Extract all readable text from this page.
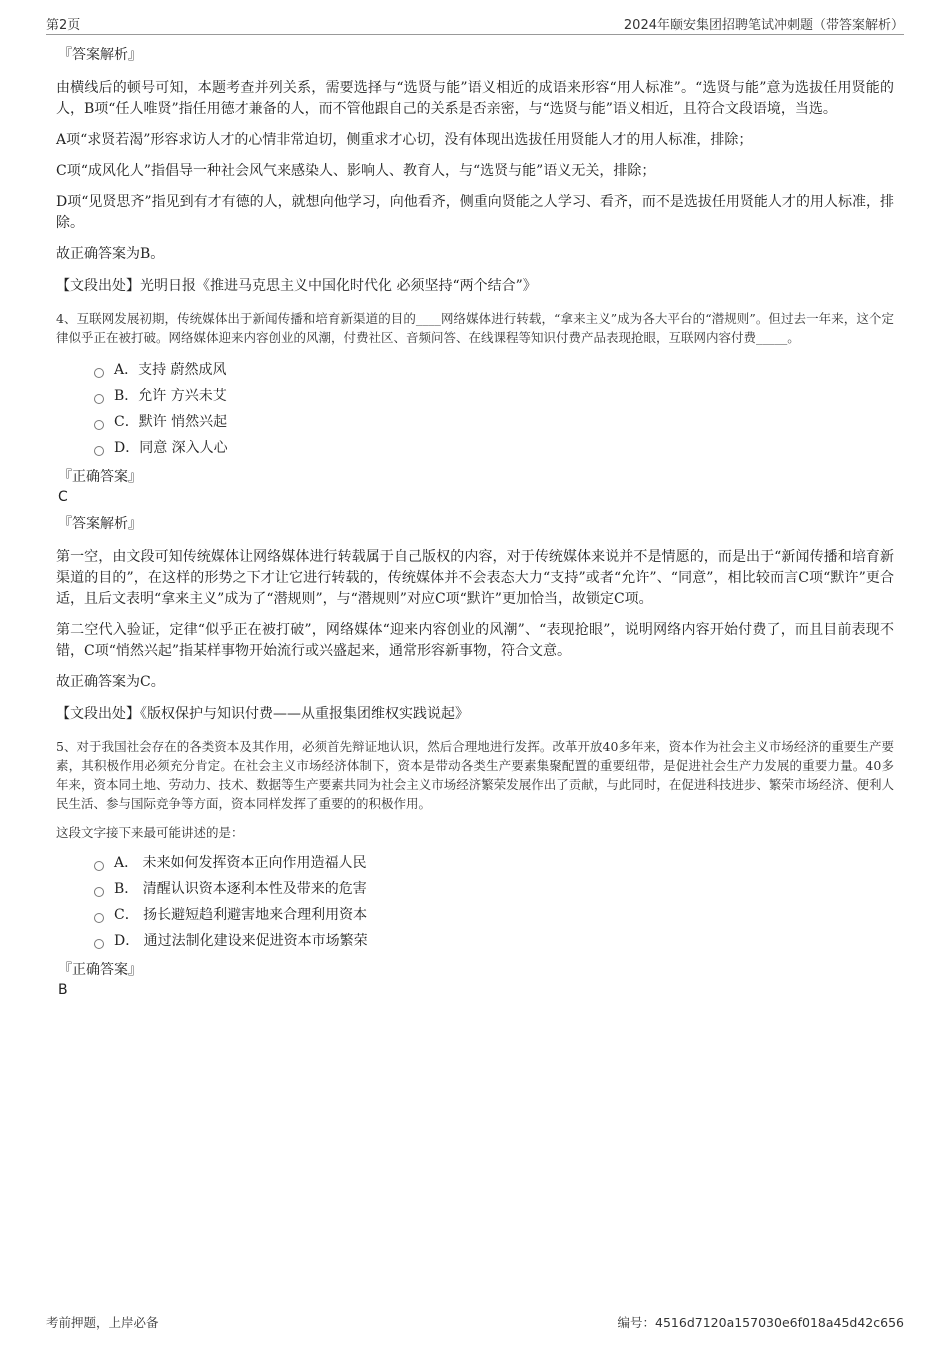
第2页	2024年颐安集团招聘笔试冲刺题（带答案解析）
『答案解析』

由横线后的顿号可知，本题考查并列关系，需要选择与“选贤与能”语义相近的成语来形容“用人标准”。“选贤与能”意为选拔任用贤能的人，B项“任人唯贤”指任用德才兼备的人，而不管他跟自己的关系是否亲密，与“选贤与能”语义相近，且符合文段语境，当选。

A项“求贤若渴”形容求访人才的心情非常迫切，侧重求才心切，没有体现出选拔任用贤能人才的用人标准，排除；

C项“成风化人”指倡导一种社会风气来感染人、影响人、教育人，与“选贤与能”语义无关，排除；

D项“见贤思齐”指见到有才有德的人，就想向他学习，向他看齐，侧重向贤能之人学习、看齐，而不是选拔任用贤能人才的用人标准，排除。

故正确答案为B。

【文段出处】光明日报《推进马克思主义中国化时代化 必须坚持“两个结合”》

4、互联网发展初期，传统媒体出于新闻传播和培育新渠道的目的____网络媒体进行转载，“拿来主义”成为各大平台的“潜规则”。但过去一年来，这个定律似乎正在被打破。网络媒体迎来内容创业的风潮，付费社区、音频问答、在线课程等知识付费产品表现抢眼，互联网内容付费_____。

A．支持 蔚然成风
B．允许 方兴未艾
C．默许 悄然兴起
D．同意 深入人心
『正确答案』
C
『答案解析』

第一空，由文段可知传统媒体让网络媒体进行转载属于自己版权的内容，对于传统媒体来说并不是情愿的，而是出于“新闻传播和培育新渠道的目的”，在这样的形势之下才让它进行转载的，传统媒体并不会表态大力“支持”或者“允许”、“同意”，相比较而言C项“默许”更合适，且后文表明“拿来主义”成为了“潜规则”，与“潜规则”对应C项“默许”更加恰当，故锁定C项。

第二空代入验证，定律“似乎正在被打破”，网络媒体“迎来内容创业的风潮”、“表现抢眼”，说明网络内容开始付费了，而且目前表现不错，C项“悄然兴起”指某样事物开始流行或兴盛起来，通常形容新事物，符合文意。

故正确答案为C。

【文段出处】《版权保护与知识付费——从重报集团维权实践说起》

5、对于我国社会存在的各类资本及其作用，必须首先辩证地认识，然后合理地进行发挥。改革开放40多年来，资本作为社会主义市场经济的重要生产要素，其积极作用必须充分肯定。在社会主义市场经济体制下，资本是带动各类生产要素集聚配置的重要纽带，是促进社会生产力发展的重要力量。40多年来，资本同土地、劳动力、技术、数据等生产要素共同为社会主义市场经济繁荣发展作出了贡献，与此同时，在促进科技进步、繁荣市场经济、便利人民生活、参与国际竞争等方面，资本同样发挥了重要的的积极作用。

这段文字接下来最可能讲述的是：
A． 未来如何发挥资本正向作用造福人民
B． 清醒认识资本逐利本性及带来的危害
C． 扬长避短趋利避害地来合理利用资本
D． 通过法制化建设来促进资本市场繁荣
『正确答案』
B
考前押题，上岸必备	编号：4516d7120a157030e6f018a45d42c656
